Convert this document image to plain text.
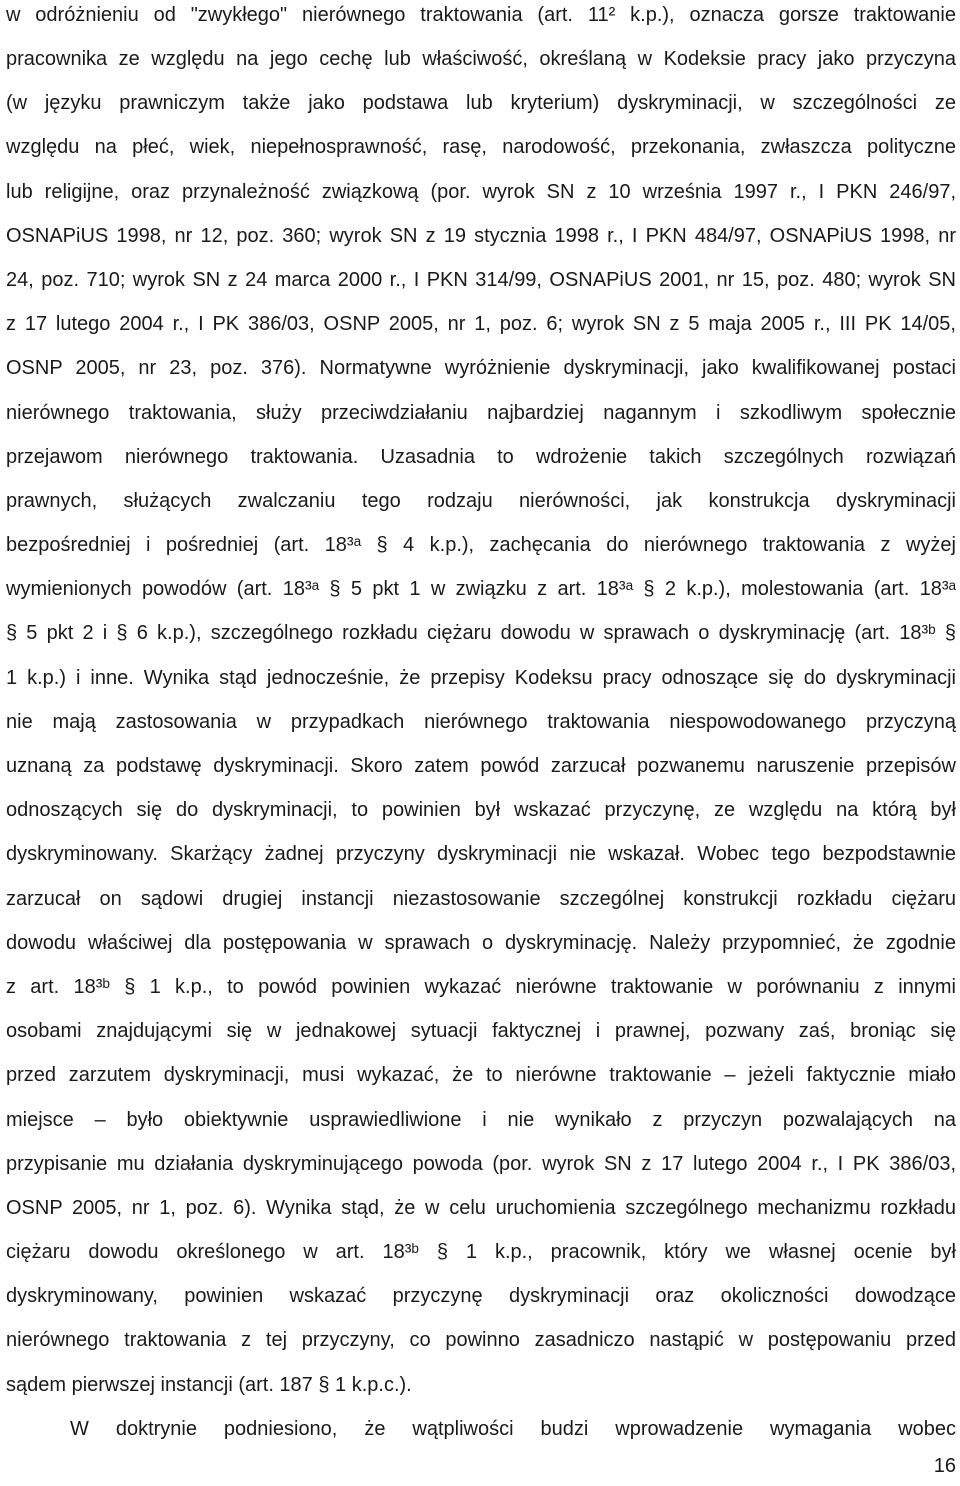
w odróżnieniu od "zwykłego" nierównego traktowania (art. 11² k.p.), oznacza gorsze traktowanie
pracownika ze względu na jego cechę lub właściwość, określaną w Kodeksie pracy jako przyczyna
(w języku prawniczym także jako podstawa lub kryterium) dyskryminacji, w szczególności ze
względu na płeć, wiek, niepełnosprawność, rasę, narodowość, przekonania, zwłaszcza polityczne
lub religijne, oraz przynależność związkową (por. wyrok SN z 10 września 1997 r., I PKN 246/97,
OSNAPiUS 1998, nr 12, poz. 360; wyrok SN z 19 stycznia 1998 r., I PKN 484/97, OSNAPiUS 1998, nr
24, poz. 710; wyrok SN z 24 marca 2000 r., I PKN 314/99, OSNAPiUS 2001, nr 15, poz. 480; wyrok SN
z 17 lutego 2004 r., I PK 386/03, OSNP 2005, nr 1, poz. 6; wyrok SN z 5 maja 2005 r., III PK 14/05,
OSNP 2005, nr 23, poz. 376). Normatywne wyróżnienie dyskryminacji, jako kwalifikowanej postaci
nierównego traktowania, służy przeciwdziałaniu najbardziej nagannym i szkodliwym społecznie
przejawom nierównego traktowania. Uzasadnia to wdrożenie takich szczególnych rozwiązań
prawnych, służących zwalczaniu tego rodzaju nierówności, jak konstrukcja dyskryminacji
bezpośredniej i pośredniej (art. 18³ᵃ § 4 k.p.), zachęcania do nierównego traktowania z wyżej
wymienionych powodów (art. 18³ᵃ § 5 pkt 1 w związku z art. 18³ᵃ § 2 k.p.), molestowania (art. 18³ᵃ
§ 5 pkt 2 i § 6 k.p.), szczególnego rozkładu ciężaru dowodu w sprawach o dyskryminację (art. 18³ᵇ §
1 k.p.) i inne. Wynika stąd jednocześnie, że przepisy Kodeksu pracy odnoszące się do dyskryminacji
nie mają zastosowania w przypadkach nierównego traktowania niespowodowanego przyczyną
uznaną za podstawę dyskryminacji. Skoro zatem powód zarzucał pozwanemu naruszenie przepisów
odnoszących się do dyskryminacji, to powinien był wskazać przyczynę, ze względu na którą był
dyskryminowany. Skarżący żadnej przyczyny dyskryminacji nie wskazał. Wobec tego bezpodstawnie
zarzucał on sądowi drugiej instancji niezastosowanie szczególnej konstrukcji rozkładu ciężaru
dowodu właściwej dla postępowania w sprawach o dyskryminację. Należy przypomnieć, że zgodnie
z art. 18³ᵇ § 1 k.p., to powód powinien wykazać nierówne traktowanie w porównaniu z innymi
osobami znajdującymi się w jednakowej sytuacji faktycznej i prawnej, pozwany zaś, broniąc się
przed zarzutem dyskryminacji, musi wykazać, że to nierówne traktowanie – jeżeli faktycznie miało
miejsce – było obiektywnie usprawiedliwione i nie wynikało z przyczyn pozwalających na
przypisanie mu działania dyskryminującego powoda (por. wyrok SN z 17 lutego 2004 r., I PK 386/03,
OSNP 2005, nr 1, poz. 6). Wynika stąd, że w celu uruchomienia szczególnego mechanizmu rozkładu
ciężaru dowodu określonego w art. 18³ᵇ § 1 k.p., pracownik, który we własnej ocenie był
dyskryminowany, powinien wskazać przyczynę dyskryminacji oraz okoliczności dowodzące
nierównego traktowania z tej przyczyny, co powinno zasadniczo nastąpić w postępowaniu przed
sądem pierwszej instancji (art. 187 § 1 k.p.c.).
W doktrynie podniesiono, że wątpliwości budzi wprowadzenie wymagania wobec
16
